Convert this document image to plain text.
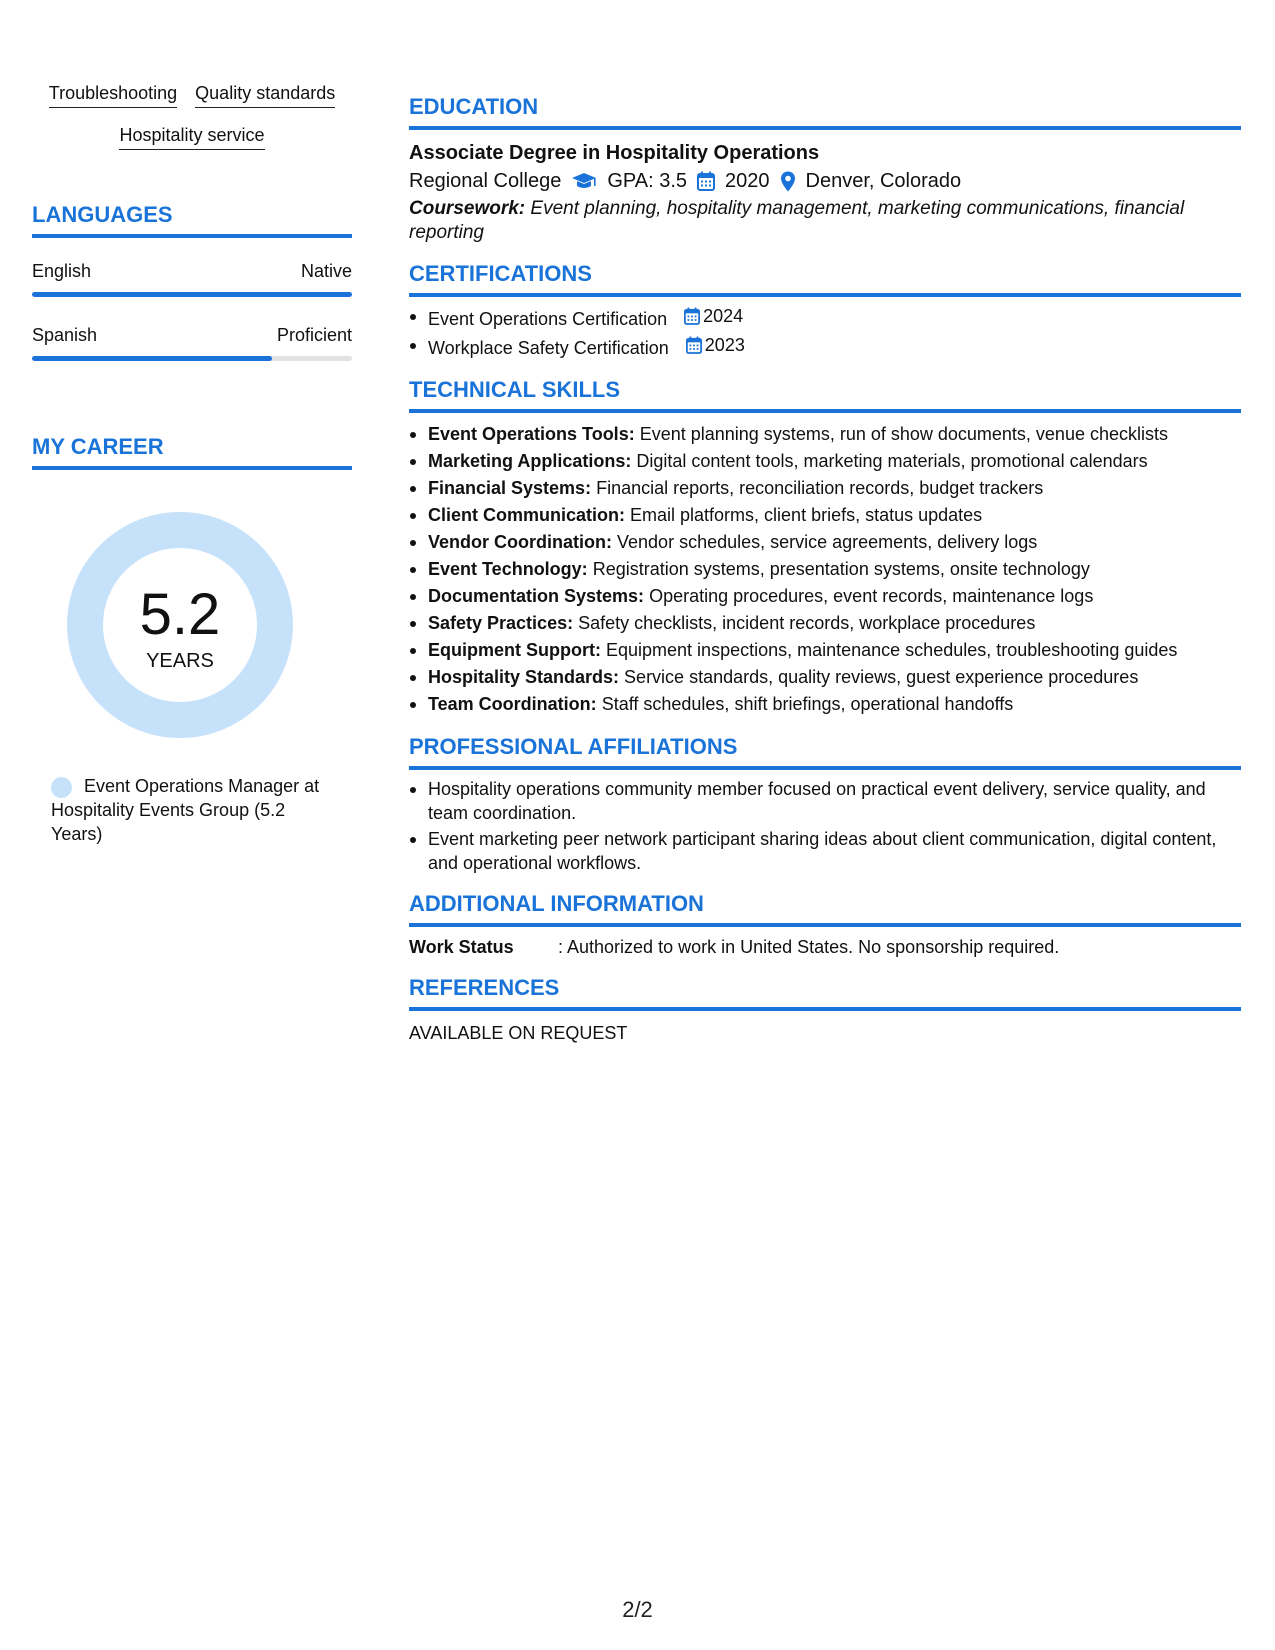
Troubleshooting Quality standards
Hospitality service
LANGUAGES
English	Native
Spanish	Proficient
MY CAREER
5.2
YEARS
Event Operations Manager at Hospitality Events Group (5.2 Years)
EDUCATION
Associate Degree in Hospitality Operations
Regional College GPA: 3.5 2020 Denver, Colorado
Coursework: Event planning, hospitality management, marketing communications, financial reporting
CERTIFICATIONS
Event Operations Certification 2024
Workplace Safety Certification 2023
TECHNICAL SKILLS
Event Operations Tools: Event planning systems, run of show documents, venue checklists
Marketing Applications: Digital content tools, marketing materials, promotional calendars
Financial Systems: Financial reports, reconciliation records, budget trackers
Client Communication: Email platforms, client briefs, status updates
Vendor Coordination: Vendor schedules, service agreements, delivery logs
Event Technology: Registration systems, presentation systems, onsite technology
Documentation Systems: Operating procedures, event records, maintenance logs
Safety Practices: Safety checklists, incident records, workplace procedures
Equipment Support: Equipment inspections, maintenance schedules, troubleshooting guides
Hospitality Standards: Service standards, quality reviews, guest experience procedures
Team Coordination: Staff schedules, shift briefings, operational handoffs
PROFESSIONAL AFFILIATIONS
Hospitality operations community member focused on practical event delivery, service quality, and team coordination.
Event marketing peer network participant sharing ideas about client communication, digital content, and operational workflows.
ADDITIONAL INFORMATION
Work Status	: Authorized to work in United States. No sponsorship required.
REFERENCES
AVAILABLE ON REQUEST
2/2
